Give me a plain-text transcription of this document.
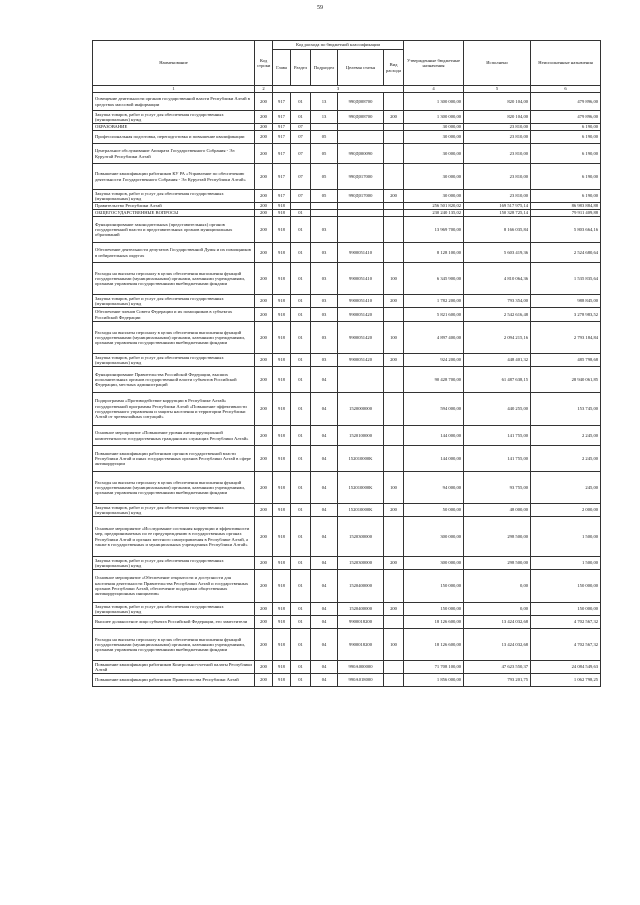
59
Наименование	Код строки	Код расхода по бюджетной классификации					Утвержденные бюджетные назначения	Исполнено	Неисполненные назначения
		Глава	Раздел	Подраздел	Целевая статья	Вид расхода			
1	2	3					4	5	6
Освещение деятельности органов государственной власти Республики Алтай в средствах массовой информации	200	917	01	13	990Д008700		1 300 000,00	820 104,00	479 896,00
Закупка товаров, работ и услуг для обеспечения государственных (муниципальных) нужд	200	917	01	13	990Д008700	200	1 300 000,00	820 104,00	479 896,00
ОБРАЗОВАНИЕ	200	917	07				30 000,00	23 810,00	6 190,00
Профессиональная подготовка, переподготовка и повышение квалификации	200	917	07	05			30 000,00	23 810,00	6 190,00
Центральное обслуживание Аппарата Государственного Собрания - Эл Курултай Республики Алтай	200	917	07	05	990Д000090		30 000,00	23 810,00	6 190,00
Повышение квалификации работников КУ РА «Управление по обеспечению деятельности Государственного Собрания - Эл Курултай Республики Алтай»	200	917	07	05	990Д017000		30 000,00	23 810,00	6 190,00
Закупка товаров, работ и услуг для обеспечения государственных (муниципальных) нужд	200	917	07	05	990Д017000	200	30 000,00	23 810,00	6 190,00
Правительство Республики Алтай	200	918					256 501 820,02	169 517 975,14	86 983 884,88
ОБЩЕГОСУДАРСТВЕННЫЕ ВОПРОСЫ	200	918	01				230 240 135,02	150 328 725,14	79 911 409,88
Функционирование законодательных (представительных) органов государственной власти и представительных органов муниципальных образований	200	918	01	03			13 969 700,00	8 166 035,84	5 803 664,16
Обеспечение деятельности депутатов Государственной Думы и их помощников в избирательных округах	200	918	01	03	9900051410		8 128 100,00	5 603 419,36	2 524 680,64
Расходы на выплаты персоналу в целях обеспечения выполнения функций государственными (муниципальными) органами, казенными учреждениями, органами управления государственными внебюджетными фондами	200	918	01	03	9900051410	100	6 345 900,00	4 810 064,36	1 535 835,64
Закупка товаров, работ и услуг для обеспечения государственных (муниципальных) нужд	200	918	01	03	9900051410	200	1 782 200,00	793 354,00	988 845,00
Обеспечение членов Совета Федерации и их помощников в субъектах Российской Федерации	200	918	01	03	9900051420		5 821 600,00	2 542 616,48	3 278 983,52
Расходы на выплаты персоналу в целях обеспечения выполнения функций государственными (муниципальными) органами, казенными учреждениями, органами управления государственными внебюджетными фондами	200	918	01	03	9900051420	100	4 897 400,00	2 094 215,16	2 793 184,84
Закупка товаров, работ и услуг для обеспечения государственных (муниципальных) нужд	200	918	01	03	9900051420	200	924 200,00	448 401,32	485 798,68
Функционирование Правительства Российской Федерации, высших исполнительных органов государственной власти субъектов Российской Федерации, местных администраций	200	918	01	04			90 428 700,00	61 487 638,15	28 940 061,85
Подпрограмма «Противодействие коррупции в Республике Алтай» государственной программы Республики Алтай «Повышение эффективности государственного управления и защиты населения и территории Республики Алтай от чрезвычайных ситуаций»	200	918	01	04	1520000000		594 000,00	440 255,00	153 745,00
Основное мероприятие «Повышение уровня антикоррупционной компетентности государственных гражданских служащих Республики Алтай»	200	918	01	04	1520100000		144 000,00	141 755,00	2 245,00
Повышение квалификации работников органов государственной власти Республики Алтай и иных государственных органов Республики Алтай в сфере антикоррупции	200	918	01	04	152010000K		144 000,00	141 755,00	2 245,00
Расходы на выплаты персоналу в целях обеспечения выполнения функций государственными (муниципальными) органами, казенными учреждениями, органами управления государственными внебюджетными фондами	200	918	01	04	152010000K	100	94 000,00	93 755,00	245,00
Закупка товаров, работ и услуг для обеспечения государственных (муниципальных) нужд	200	918	01	04	152010000K	200	50 000,00	48 000,00	2 000,00
Основное мероприятие «Исследование состояния коррупции и эффективности мер, предпринимаемых по ее предупреждению в государственных органах Республики Алтай и органах местного самоуправления в Республике Алтай, а также в государственных и муниципальных учреждениях Республики Алтай»	200	918	01	04	1520300000		300 000,00	298 500,00	1 500,00
Закупка товаров, работ и услуг для обеспечения государственных (муниципальных) нужд	200	918	01	04	1520300000	200	300 000,00	298 500,00	1 500,00
Основное мероприятие «Обеспечение открытости и доступности для населения деятельности Правительства Республики Алтай и государственных органов Республики Алтай, обеспечение поддержки общественных антикоррупционных инициатив»	200	918	01	04	1520400000		150 000,00	0,00	150 000,00
Закупка товаров, работ и услуг для обеспечения государственных (муниципальных) нужд	200	918	01	04	1520400000	200	150 000,00	0,00	150 000,00
Высшее должностное лицо субъекта Российской Федерации, его заместители	200	918	01	04	9900018200		18 126 600,00	13 424 032,68	4 702 567,32
Расходы на выплаты персоналу в целях обеспечения выполнения функций государственными (муниципальными) органами, казенными учреждениями, органами управления государственными внебюджетными фондами	200	918	01	04	9900018200	100	18 126 600,00	13 424 032,68	4 702 567,32
Повышение квалификации работников Контрольно-счетной палаты Республики Алтай	200	918	01	04	990А000000		71 708 100,00	47 623 550,37	24 084 549,63
Повышение квалификации работников Правительства Республики Алтай	200	918	01	04	990А018000		1 856 000,00	793 201,75	1 062 798,25
